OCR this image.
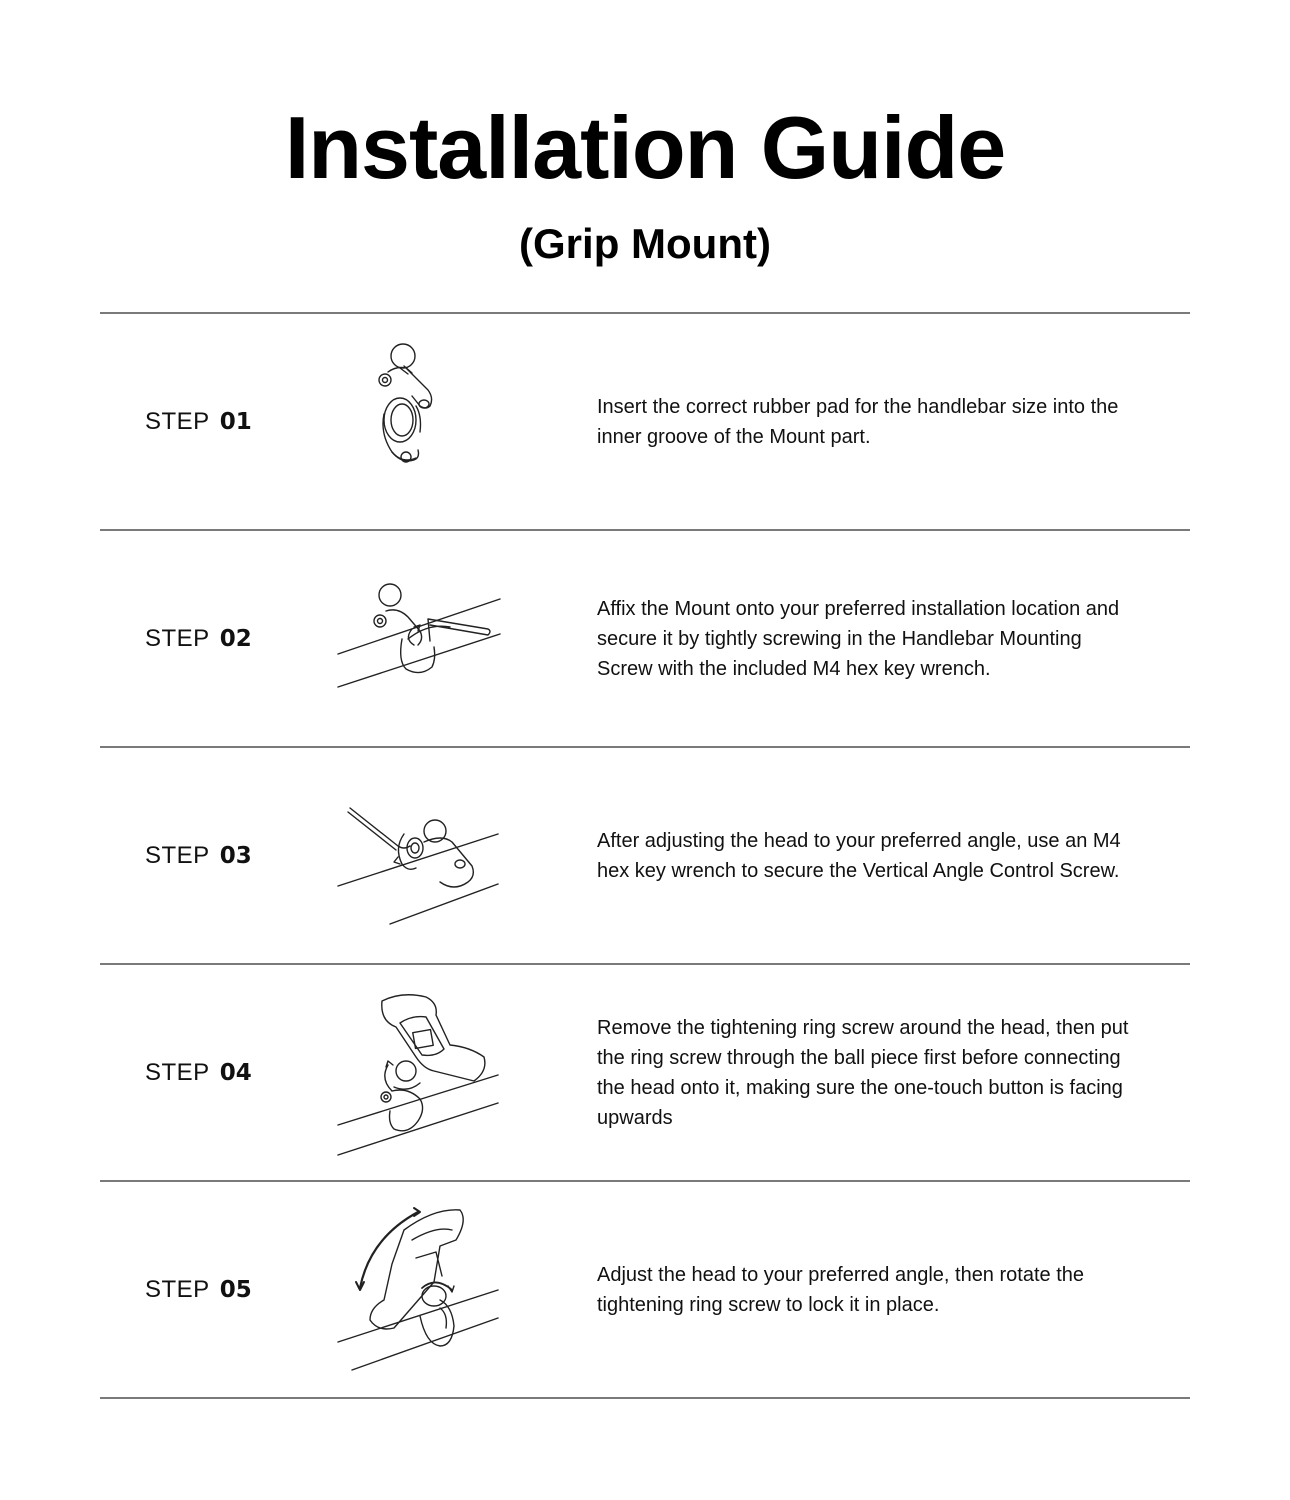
Installation Guide
(Grip Mount)
STEP 01
Insert the correct rubber pad for the handlebar size into the inner groove of the Mount part.
STEP 02
Affix the Mount onto your preferred installation location and secure it by tightly screwing in the Handlebar Mounting Screw with the included M4 hex key wrench.
STEP 03
After adjusting the head to your preferred angle, use an M4 hex key wrench to secure the Vertical Angle Control Screw.
STEP 04
Remove the tightening ring screw around the head, then put the ring screw through the ball piece first before connecting the head onto it, making sure the one-touch button is facing upwards
STEP 05
Adjust the head to your preferred angle, then rotate the tightening ring screw to lock it in place.
